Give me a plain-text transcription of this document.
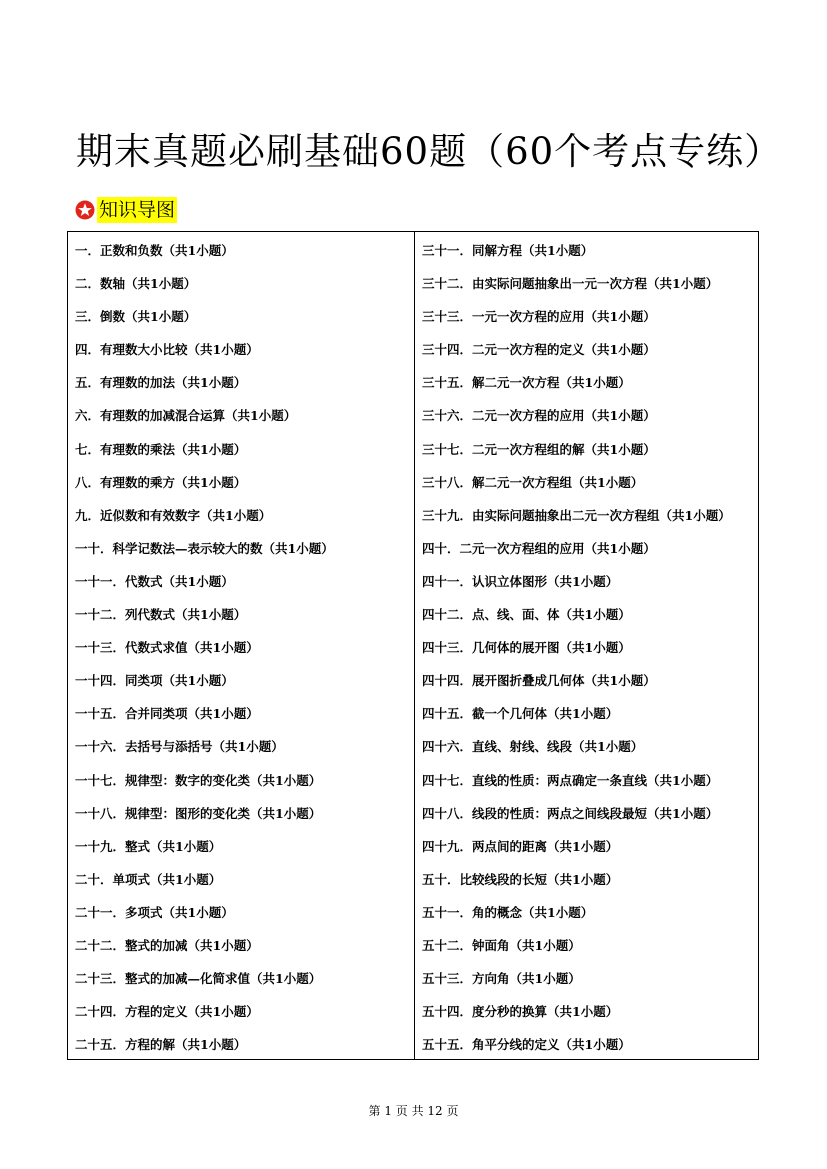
期末真题必刷基础60题（60个考点专练）
知识导图
一．正数和负数（共1小题）
二．数轴（共1小题）
三．倒数（共1小题）
四．有理数大小比较（共1小题）
五．有理数的加法（共1小题）
六．有理数的加减混合运算（共1小题）
七．有理数的乘法（共1小题）
八．有理数的乘方（共1小题）
九．近似数和有效数字（共1小题）
一十．科学记数法—表示较大的数（共1小题）
一十一．代数式（共1小题）
一十二．列代数式（共1小题）
一十三．代数式求值（共1小题）
一十四．同类项（共1小题）
一十五．合并同类项（共1小题）
一十六．去括号与添括号（共1小题）
一十七．规律型：数字的变化类（共1小题）
一十八．规律型：图形的变化类（共1小题）
一十九．整式（共1小题）
二十．单项式（共1小题）
二十一．多项式（共1小题）
二十二．整式的加减（共1小题）
二十三．整式的加减—化简求值（共1小题）
二十四．方程的定义（共1小题）
二十五．方程的解（共1小题）
三十一．同解方程（共1小题）
三十二．由实际问题抽象出一元一次方程（共1小题）
三十三．一元一次方程的应用（共1小题）
三十四．二元一次方程的定义（共1小题）
三十五．解二元一次方程（共1小题）
三十六．二元一次方程的应用（共1小题）
三十七．二元一次方程组的解（共1小题）
三十八．解二元一次方程组（共1小题）
三十九．由实际问题抽象出二元一次方程组（共1小题）
四十．二元一次方程组的应用（共1小题）
四十一．认识立体图形（共1小题）
四十二．点、线、面、体（共1小题）
四十三．几何体的展开图（共1小题）
四十四．展开图折叠成几何体（共1小题）
四十五．截一个几何体（共1小题）
四十六．直线、射线、线段（共1小题）
四十七．直线的性质：两点确定一条直线（共1小题）
四十八．线段的性质：两点之间线段最短（共1小题）
四十九．两点间的距离（共1小题）
五十．比较线段的长短（共1小题）
五十一．角的概念（共1小题）
五十二．钟面角（共1小题）
五十三．方向角（共1小题）
五十四．度分秒的换算（共1小题）
五十五．角平分线的定义（共1小题）
第 1 页 共 12 页
